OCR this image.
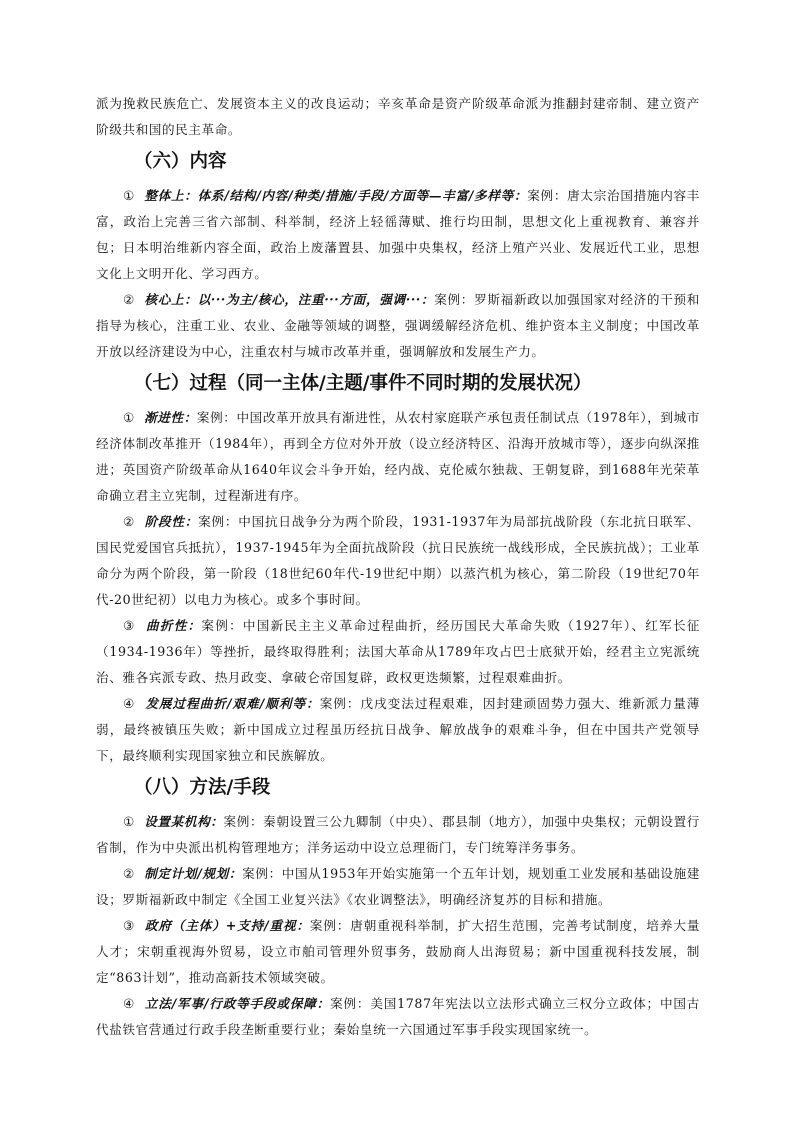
派为挽救民族危亡、发展资本主义的改良运动；辛亥革命是资产阶级革命派为推翻封建帝制、建立资产阶级共和国的民主革命。

（六）内容

① 整体上：体系/结构/内容/种类/措施/手段/方面等—丰富/多样等：案例：唐太宗治国措施内容丰富，政治上完善三省六部制、科举制，经济上轻徭薄赋、推行均田制，思想文化上重视教育、兼容并包；日本明治维新内容全面，政治上废藩置县、加强中央集权，经济上殖产兴业、发展近代工业，思想文化上文明开化、学习西方。

② 核心上：以···为主/核心，注重···方面，强调···：案例：罗斯福新政以加强国家对经济的干预和指导为核心，注重工业、农业、金融等领域的调整，强调缓解经济危机、维护资本主义制度；中国改革开放以经济建设为中心，注重农村与城市改革并重，强调解放和发展生产力。

（七）过程（同一主体/主题/事件不同时期的发展状况）

① 渐进性：案例：中国改革开放具有渐进性，从农村家庭联产承包责任制试点（1978年），到城市经济体制改革推开（1984年），再到全方位对外开放（设立经济特区、沿海开放城市等），逐步向纵深推进；英国资产阶级革命从1640年议会斗争开始，经内战、克伦威尔独裁、王朝复辟，到1688年光荣革命确立君主立宪制，过程渐进有序。

② 阶段性：案例：中国抗日战争分为两个阶段，1931-1937年为局部抗战阶段（东北抗日联军、国民党爱国官兵抵抗），1937-1945年为全面抗战阶段（抗日民族统一战线形成，全民族抗战）；工业革命分为两个阶段，第一阶段（18世纪60年代-19世纪中期）以蒸汽机为核心，第二阶段（19世纪70年代-20世纪初）以电力为核心。或多个事时间。

③ 曲折性：案例：中国新民主主义革命过程曲折，经历国民大革命失败（1927年）、红军长征（1934-1936年）等挫折，最终取得胜利；法国大革命从1789年攻占巴士底狱开始，经君主立宪派统治、雅各宾派专政、热月政变、拿破仑帝国复辟，政权更迭频繁，过程艰难曲折。

④ 发展过程曲折/艰难/顺利等：案例：戊戌变法过程艰难，因封建顽固势力强大、维新派力量薄弱，最终被镇压失败；新中国成立过程虽历经抗日战争、解放战争的艰难斗争，但在中国共产党领导下，最终顺利实现国家独立和民族解放。

（八）方法/手段

① 设置某机构：案例：秦朝设置三公九卿制（中央）、郡县制（地方），加强中央集权；元朝设置行省制，作为中央派出机构管理地方；洋务运动中设立总理衙门，专门统筹洋务事务。

② 制定计划/规划：案例：中国从1953年开始实施第一个五年计划，规划重工业发展和基础设施建设；罗斯福新政中制定《全国工业复兴法》《农业调整法》，明确经济复苏的目标和措施。

③ 政府（主体）+支持/重视：案例：唐朝重视科举制，扩大招生范围，完善考试制度，培养大量人才；宋朝重视海外贸易，设立市舶司管理外贸事务，鼓励商人出海贸易；新中国重视科技发展，制定“863计划”，推动高新技术领域突破。

④ 立法/军事/行政等手段或保障：案例：美国1787年宪法以立法形式确立三权分立政体；中国古代盐铁官营通过行政手段垄断重要行业；秦始皇统一六国通过军事手段实现国家统一。
